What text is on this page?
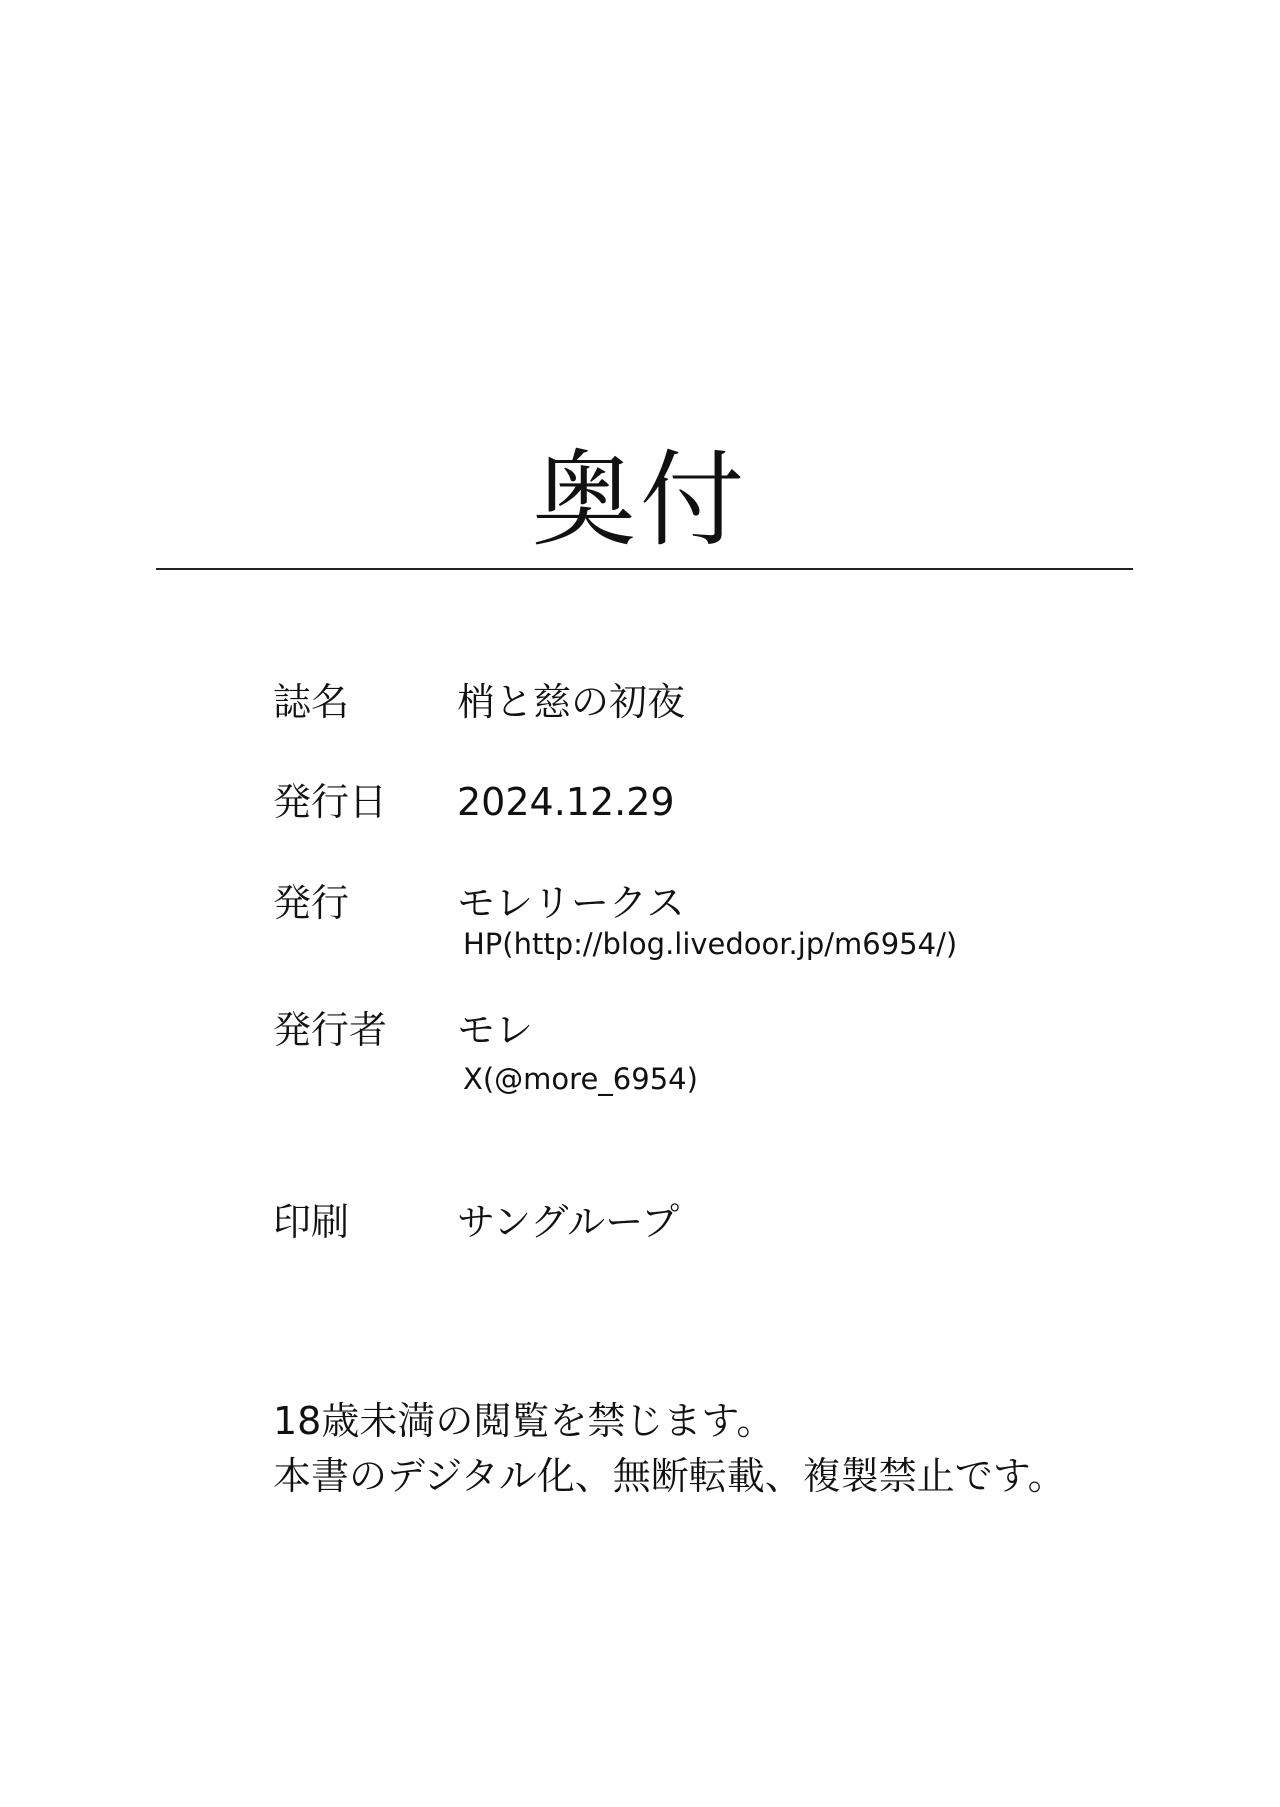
奥付
誌名	梢と慈の初夜
発行日 2024.12.29
発行	モレリークス
HP(http://blog.livedoor.jp/m6954/)
発行者 モレ
X(@more_6954)
印刷	サングループ
18歳未満の閲覧を禁じます。
本書のデジタル化、無断転載、複製禁止です。
